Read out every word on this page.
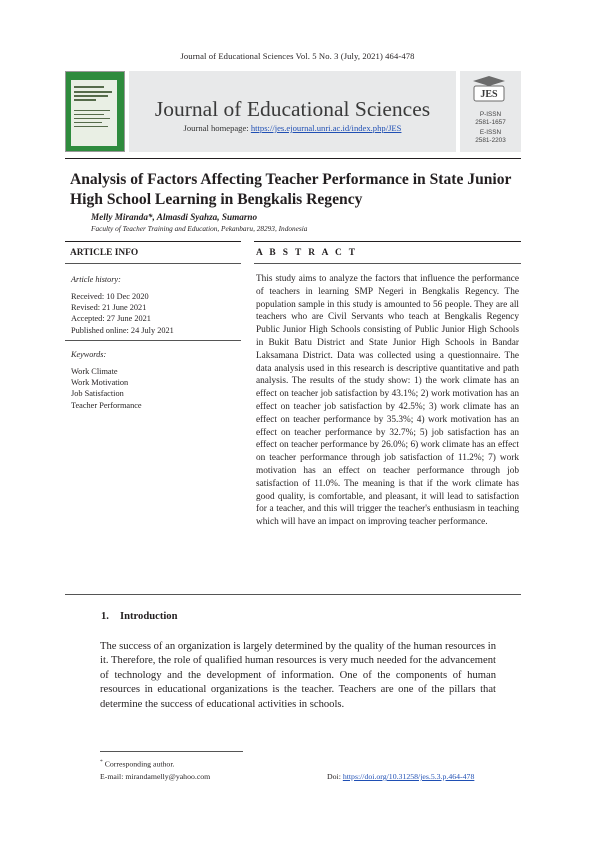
Journal of Educational Sciences Vol. 5 No. 3 (July, 2021) 464-478
Journal of Educational Sciences
Journal homepage: https://jes.ejournal.unri.ac.id/index.php/JES
JES
P-ISSN
2581-1657
E-ISSN
2581-2203
Analysis of Factors Affecting Teacher Performance in State Junior High School Learning in Bengkalis Regency
Melly Miranda*, Almasdi Syahza, Sumarno
Faculty of Teacher Training and Education, Pekanbaru, 28293, Indonesia
ARTICLE INFO	A B S T R A C T
Article history:
Received: 10 Dec 2020
Revised: 21 June 2021
Accepted: 27 June 2021
Published online: 24 July 2021
Keywords:
Work Climate
Work Motivation
Job Satisfaction
Teacher Performance
This study aims to analyze the factors that influence the performance of teachers in learning SMP Negeri in Bengkalis Regency. The population sample in this study is amounted to 56 people. They are all teachers who are Civil Servants who teach at Bengkalis Regency Public Junior High Schools consisting of Public Junior High Schools in Bukit Batu District and State Junior High Schools in Bandar Laksamana District. Data was collected using a questionnaire. The data analysis used in this research is descriptive quantitative and path analysis. The results of the study show: 1) the work climate has an effect on teacher job satisfaction by 43.1%; 2) work motivation has an effect on teacher job satisfaction by 42.5%; 3) work climate has an effect on teacher performance by 35.3%; 4) work motivation has an effect on teacher performance by 32.7%; 5) job satisfaction has an effect on teacher performance by 26.0%; 6) work climate has an effect on teacher performance through job satisfaction of 11.2%; 7) work motivation has an effect on teacher performance through job satisfaction of 11.0%. The meaning is that if the work climate has good quality, is comfortable, and pleasant, it will lead to satisfaction for a teacher, and this will trigger the teacher's enthusiasm in teaching which will have an impact on improving teacher performance.
1. Introduction
The success of an organization is largely determined by the quality of the human resources in it. Therefore, the role of qualified human resources is very much needed for the advancement of technology and the development of information. One of the components of human resources in educational organizations is the teacher. Teachers are one of the pillars that determine the success of educational activities in schools.
* Corresponding author.
E-mail: mirandamelly@yahoo.com	Doi: https://doi.org/10.31258/jes.5.3.p.464-478
